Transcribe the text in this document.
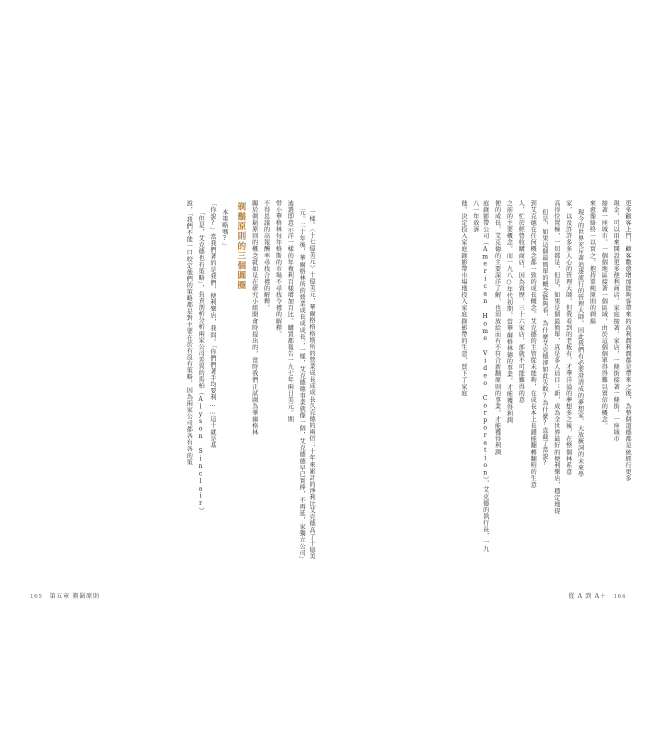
更多顧客上門，顧客數愈增加能夠客帶來的高利潤利潤都是帶來之後，為整個道德都是統經行更多
現金，可以用來開設更多便利商店。家庭接著，家店，一條街接著一條街，一座城市
接著一座城市，一個個地區接著一個區域，由於這個個單得得難以置信的概念。
來愈像絡終一以實之，抱持單純原則的剃鬍
現今的世界充斥著追逐流行的管理大師，因此我們有必要澄清成的夢想家、大放厥詞的未來學
家，以及許許多多人心的管理大師，但我看到的老板有，才華洋溢的夢想多之後，在整個林系意
高得位置極，一切都是，但是，如果是個最簡單，真是多人員目；新，成為全世界最好的便利樂店，穩定地提
但是，如果這個最簡單的概念能夠看，為什麼艾克德卻如此失敗?為什麼?直截了當說?
到艾克德在任何概念都一致的成長概念。艾克德的主管從未能夠，在成長本上長錢能翻轉翻明的生意
人，忙於經營收購商店，因為資歷，三十六家店，部就不可能難得的意
之前的主要概念。而一九八○年代初期，當華爾格林德的事業，才能獲得利潤
便的成長，艾克德的主要深洋了解，也須放給而有不符合新翻原則的事業。才能獲得利潤
庭錄影帶公司（American Home Video Corporation），艾克德的執行長，一九八一年放訴
他。決定投入家庭錄影帶市場地投入家庭錄影帶的生意，買下了家庭
從 A 到 A＋ 164
一樣。〈十七億美元〉十億美元，華爾格格格斯所的營業成長成成長久克德的兩倍；十年來累計的淨利比艾克德高了十億美元。二十年後，華爾格林所的營業成長成成長；一樣，艾克德德事業就像一個，艾克德德早已實捧，不再延，家獨立公司」
迪選即意示洋一樣的年複利百樣增加百比。購買都報告一九七年兩日美元。期
带小華格林每年格斯的市場不尋找令禮的解釋。
不得思議的高報酬率尋找合禮的解釋。
關於剃鬍原則的概念就如是在研究小組開會時提出的，當時我們正試圖為華爾格林
剃鬍原則的三個圓圈
本策略嗎?」
「你說?」當我們著的是我們，便利樂店，我問。「你們們著手均要利……這十就是基
「但是，艾克德也有策略」，負責剖析分析兩家公司差異的馬柏（Alyson Sinclair）
說，「我們不能一口咬定他們的策略都是對主要在於有沒有策略，因為兩家公司都各有各的策
165 第五章 剃鬍原則
